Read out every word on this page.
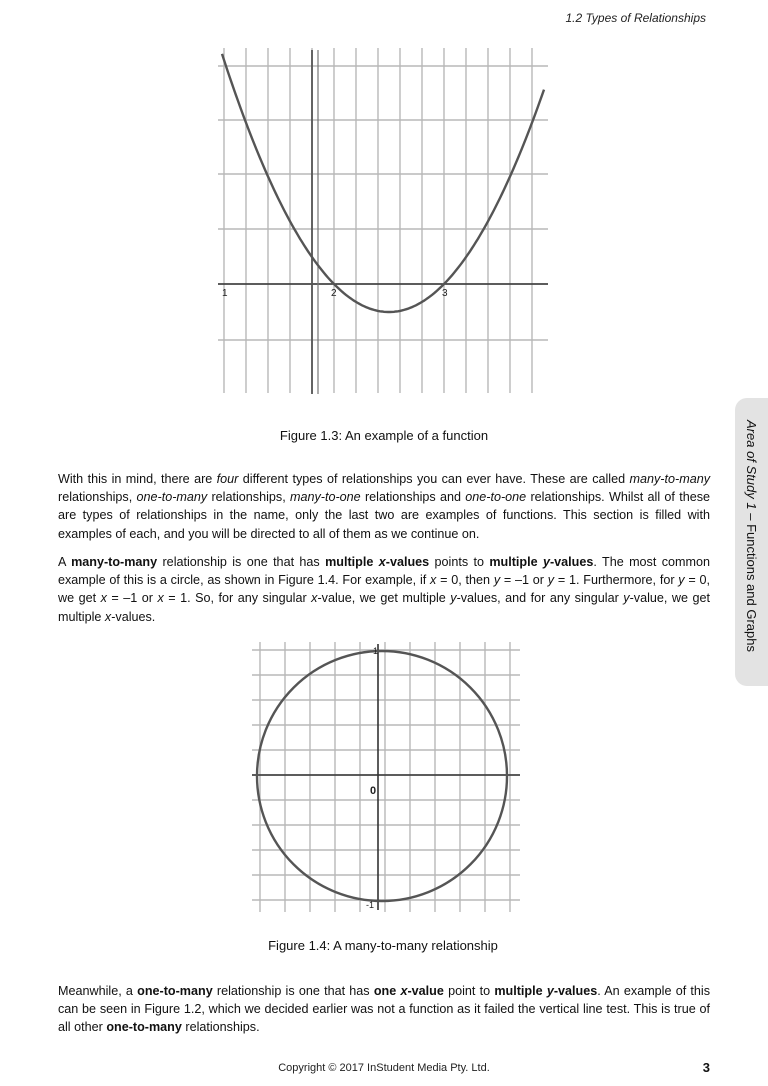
1.2 Types of Relationships
1	2	3
Figure 1.3: An example of a function

With this in mind, there are four different types of relationships you can ever have. These are called many-to-many relationships, one-to-many relationships, many-to-one relationships and one-to-one relationships. Whilst all of these are types of relationships in the name, only the last two are examples of functions. This section is filled with examples of each, and you will be directed to all of them as we continue on.

A many-to-many relationship is one that has multiple x-values points to multiple y-values. The most common example of this is a circle, as shown in Figure 1.4. For example, if x = 0, then y = –1 or y = 1. Furthermore, for y = 0, we get x = –1 or x = 1. So, for any singular x-value, we get multiple y-values, and for any singular y-value, we get multiple x-values.

0
1
-1
Figure 1.4: A many-to-many relationship

Meanwhile, a one-to-many relationship is one that has one x-value point to multiple y-values. An example of this can be seen in Figure 1.2, which we decided earlier was not a function as it failed the vertical line test. This is true of all other one-to-many relationships.

Area of Study 1 – Functions and Graphs
Copyright © 2017 InStudent Media Pty. Ltd.	3
